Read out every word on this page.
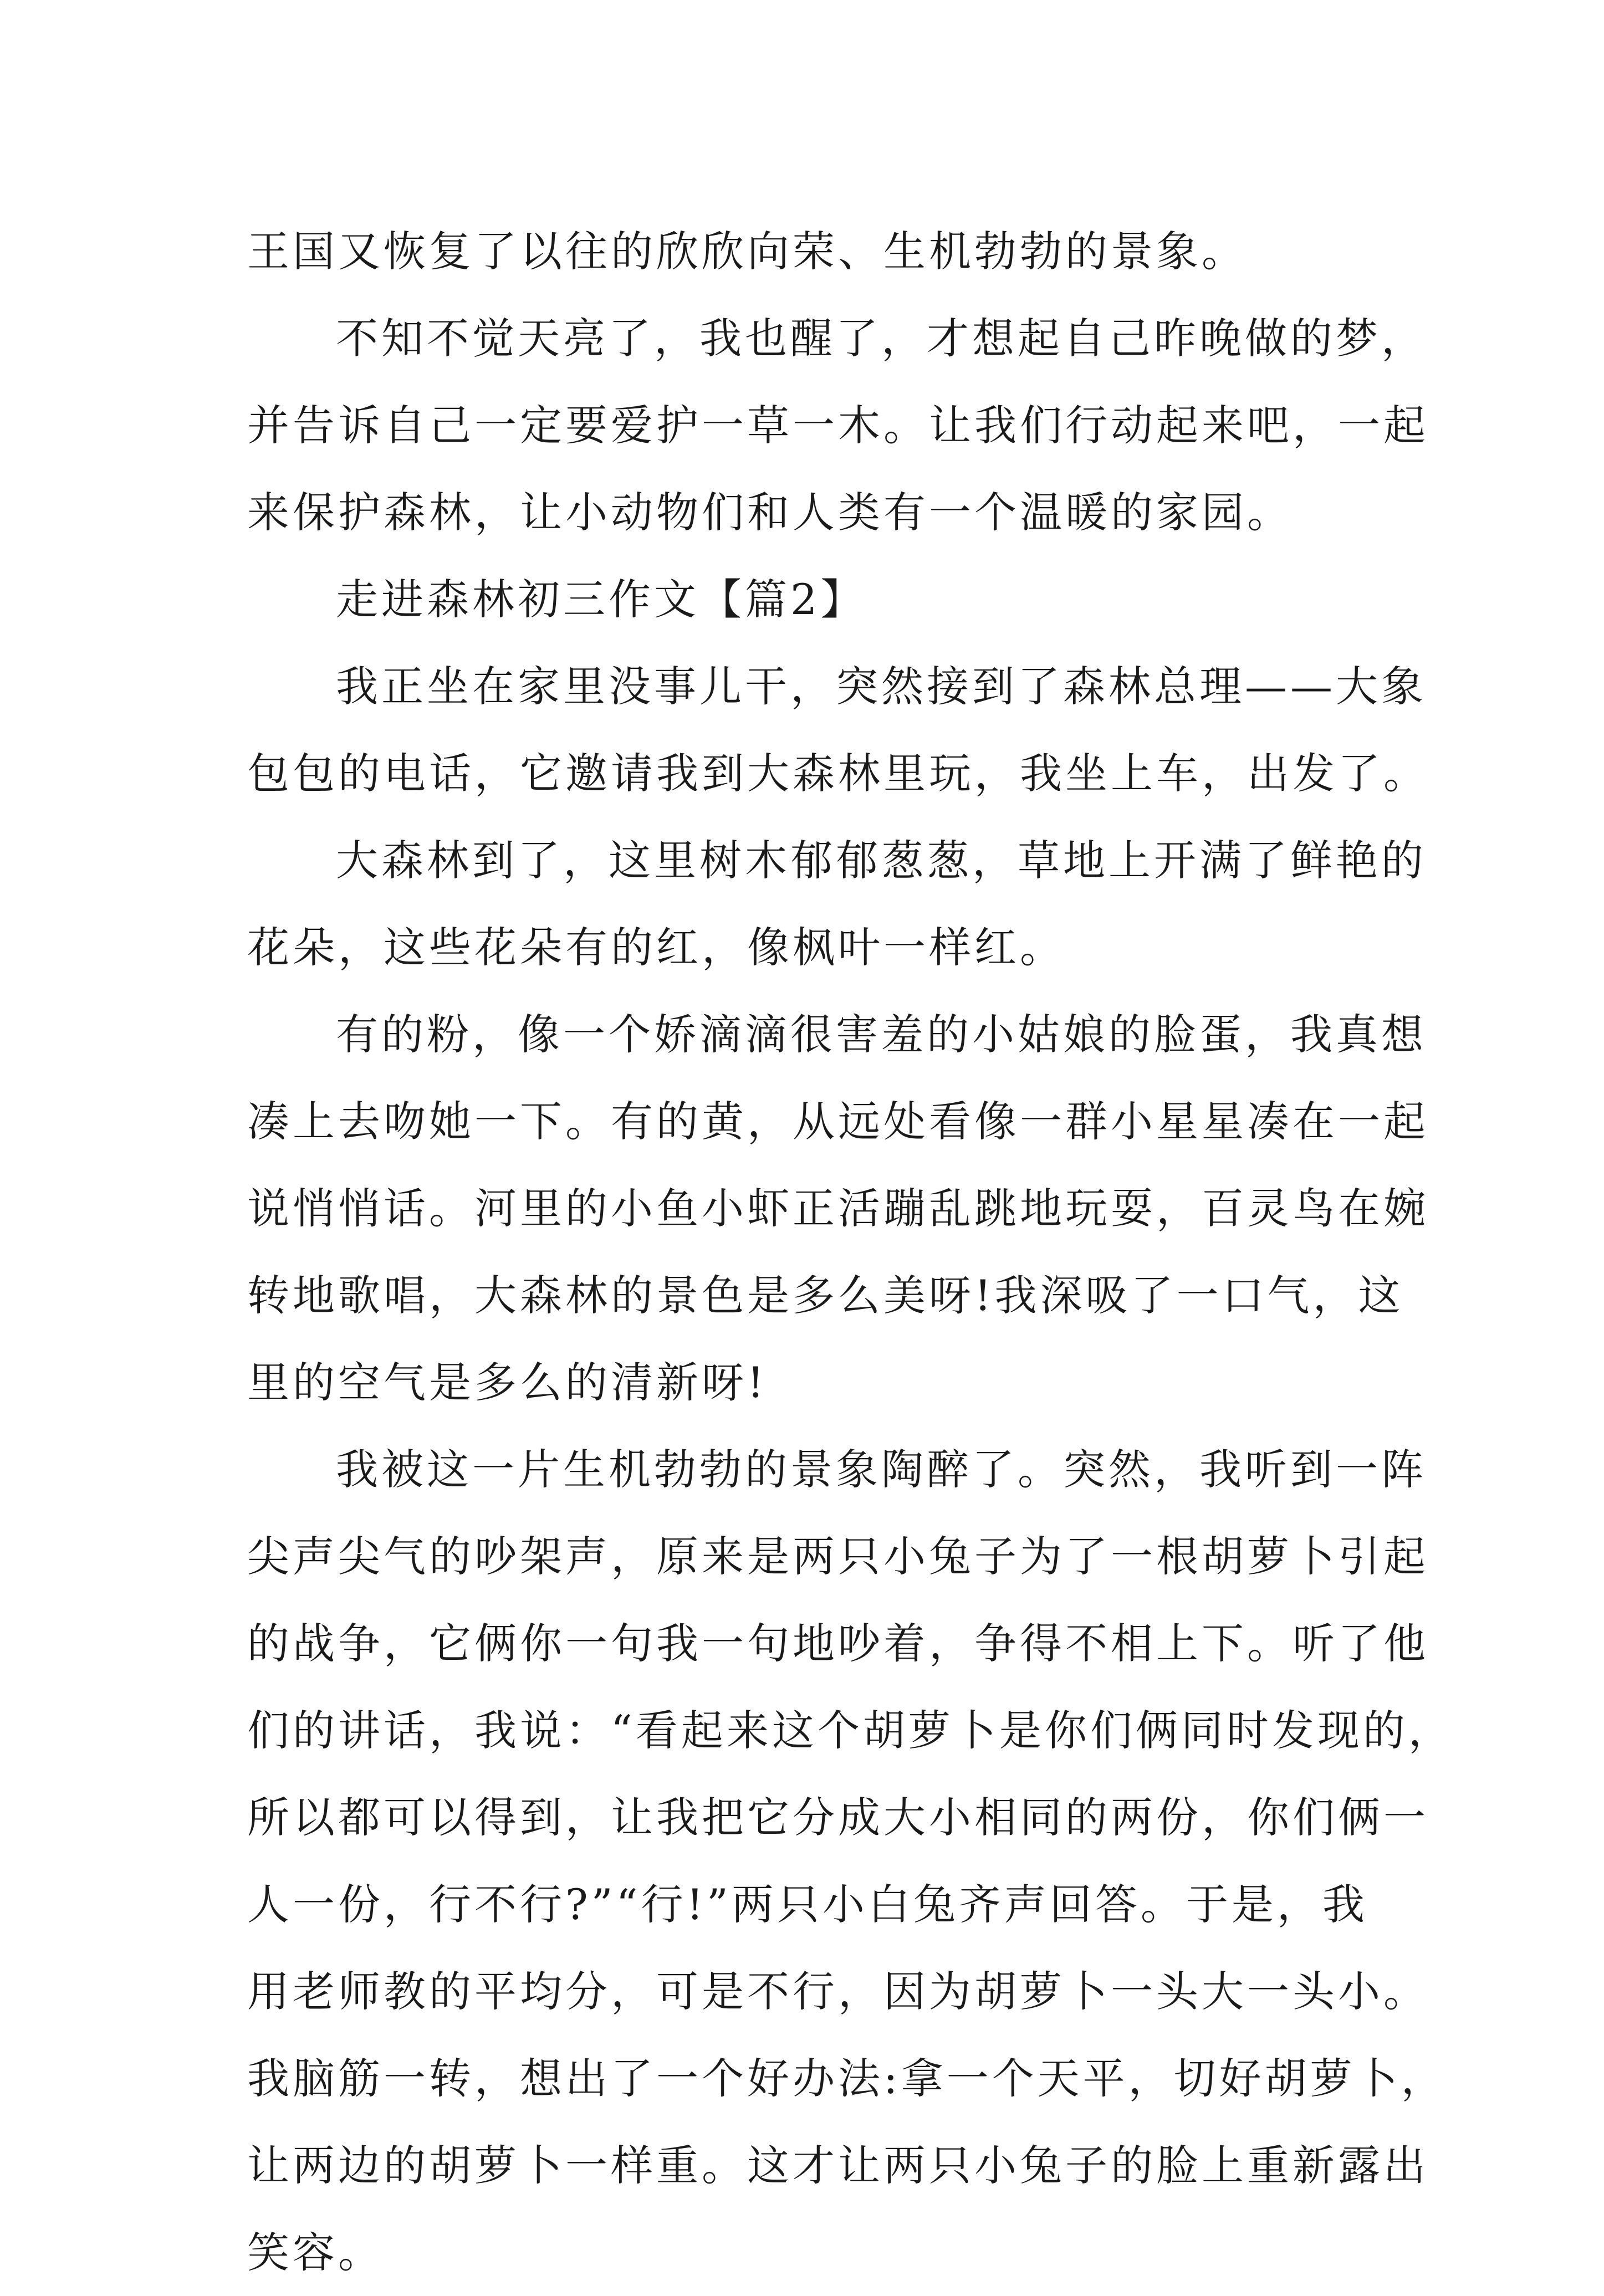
王国又恢复了以往的欣欣向荣、生机勃勃的景象。
不知不觉天亮了，我也醒了，才想起自己昨晚做的梦，
并告诉自己一定要爱护一草一木。让我们行动起来吧，一起
来保护森林，让小动物们和人类有一个温暖的家园。
走进森林初三作文【篇2】
我正坐在家里没事儿干，突然接到了森林总理——大象
包包的电话，它邀请我到大森林里玩，我坐上车，出发了。
大森林到了，这里树木郁郁葱葱，草地上开满了鲜艳的
花朵，这些花朵有的红，像枫叶一样红。
有的粉，像一个娇滴滴很害羞的小姑娘的脸蛋，我真想
凑上去吻她一下。有的黄，从远处看像一群小星星凑在一起
说悄悄话。河里的小鱼小虾正活蹦乱跳地玩耍，百灵鸟在婉
转地歌唱，大森林的景色是多么美呀!我深吸了一口气，这
里的空气是多么的清新呀!
我被这一片生机勃勃的景象陶醉了。突然，我听到一阵
尖声尖气的吵架声，原来是两只小兔子为了一根胡萝卜引起
的战争，它俩你一句我一句地吵着，争得不相上下。听了他
们的讲话，我说：“看起来这个胡萝卜是你们俩同时发现的，
所以都可以得到，让我把它分成大小相同的两份，你们俩一
人一份，行不行?”“行!”两只小白兔齐声回答。于是，我
用老师教的平均分，可是不行，因为胡萝卜一头大一头小。
我脑筋一转，想出了一个好办法:拿一个天平，切好胡萝卜，
让两边的胡萝卜一样重。这才让两只小兔子的脸上重新露出
笑容。
